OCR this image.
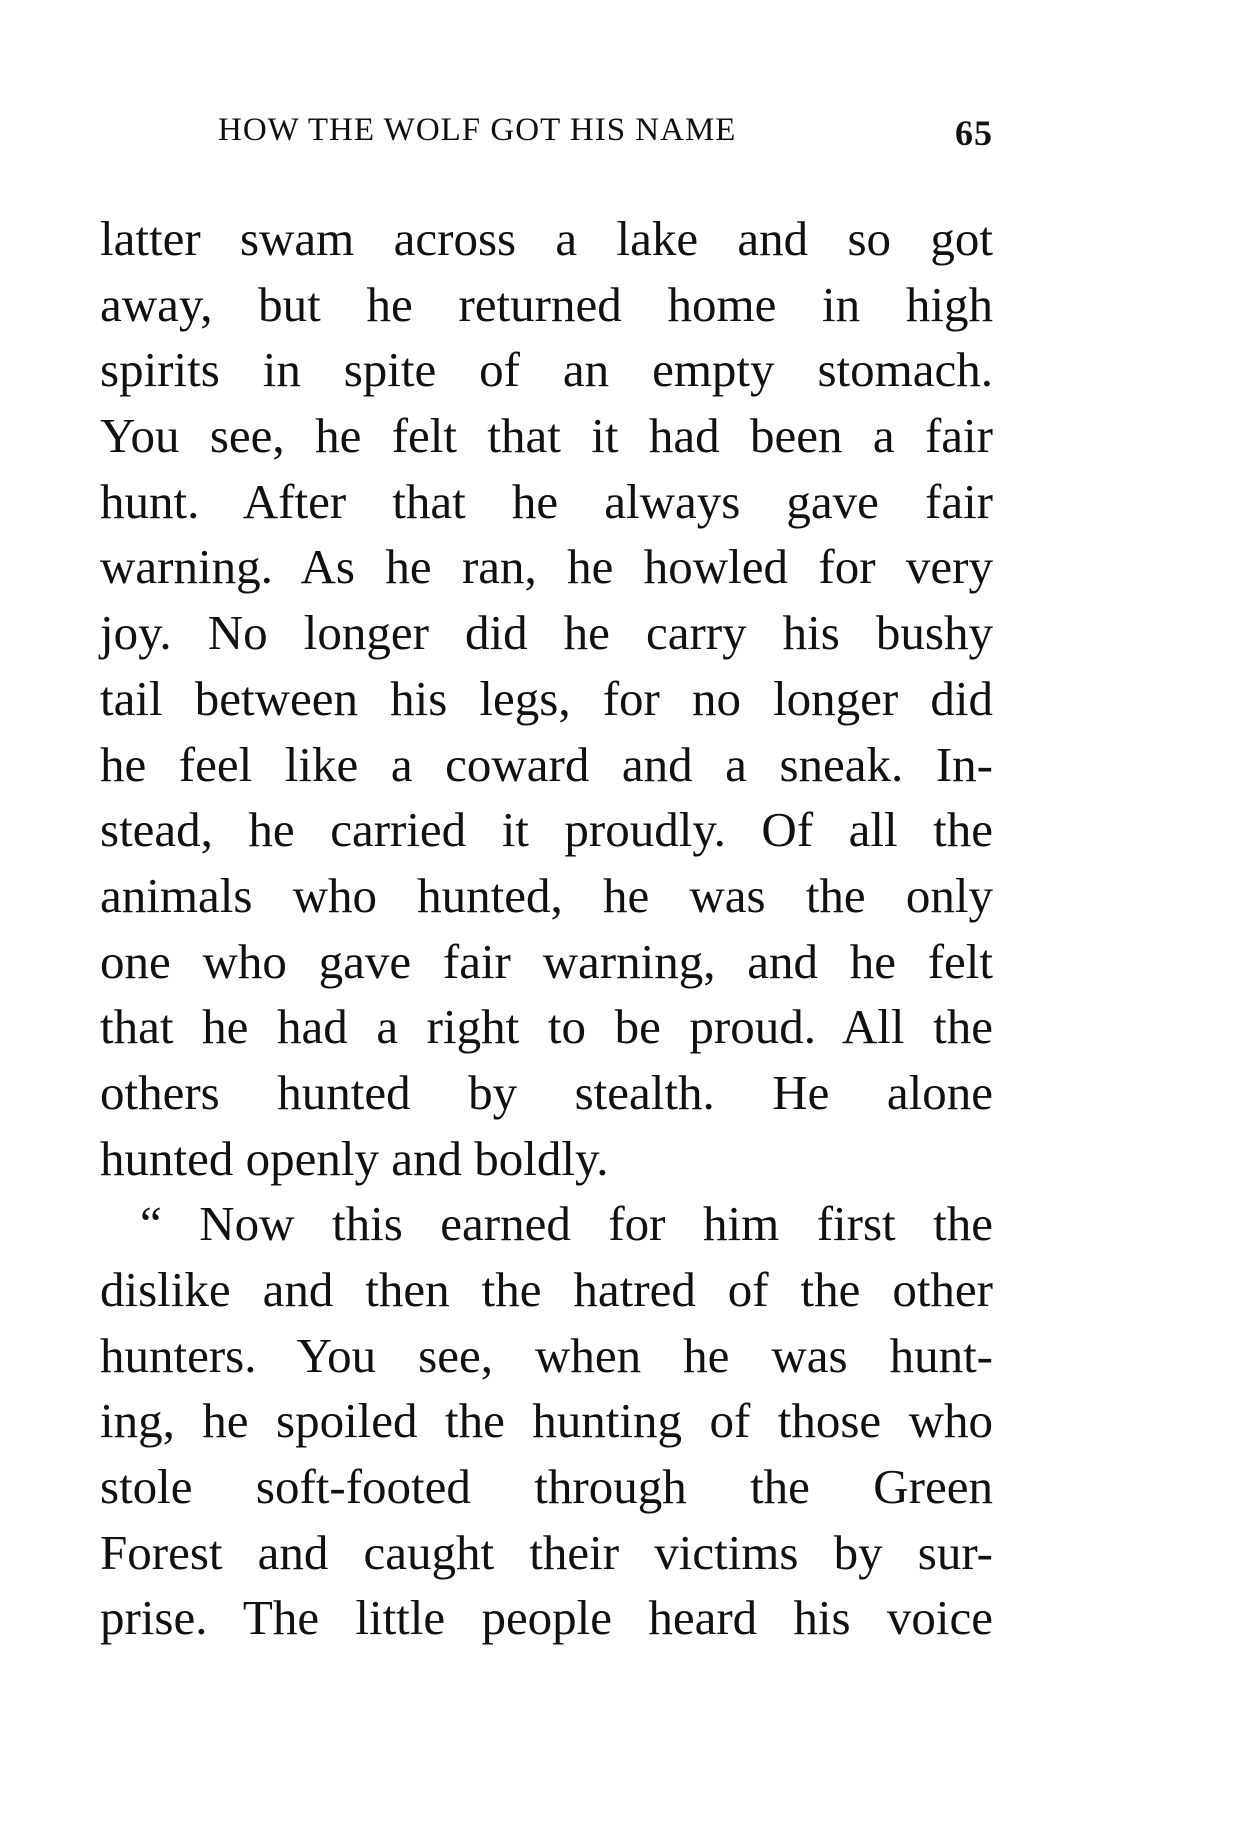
HOW THE WOLF GOT HIS NAME	65
latter swam across a lake and so got
away, but he returned home in high
spirits in spite of an empty stomach.
You see, he felt that it had been a fair
hunt. After that he always gave fair
warning. As he ran, he howled for very
joy. No longer did he carry his bushy
tail between his legs, for no longer did
he feel like a coward and a sneak. In-
stead, he carried it proudly. Of all the
animals who hunted, he was the only
one who gave fair warning, and he felt
that he had a right to be proud. All the
others hunted by stealth. He alone
hunted openly and boldly.
“ Now this earned for him first the
dislike and then the hatred of the other
hunters. You see, when he was hunt-
ing, he spoiled the hunting of those who
stole soft-footed through the Green
Forest and caught their victims by sur-
prise. The little people heard his voice
